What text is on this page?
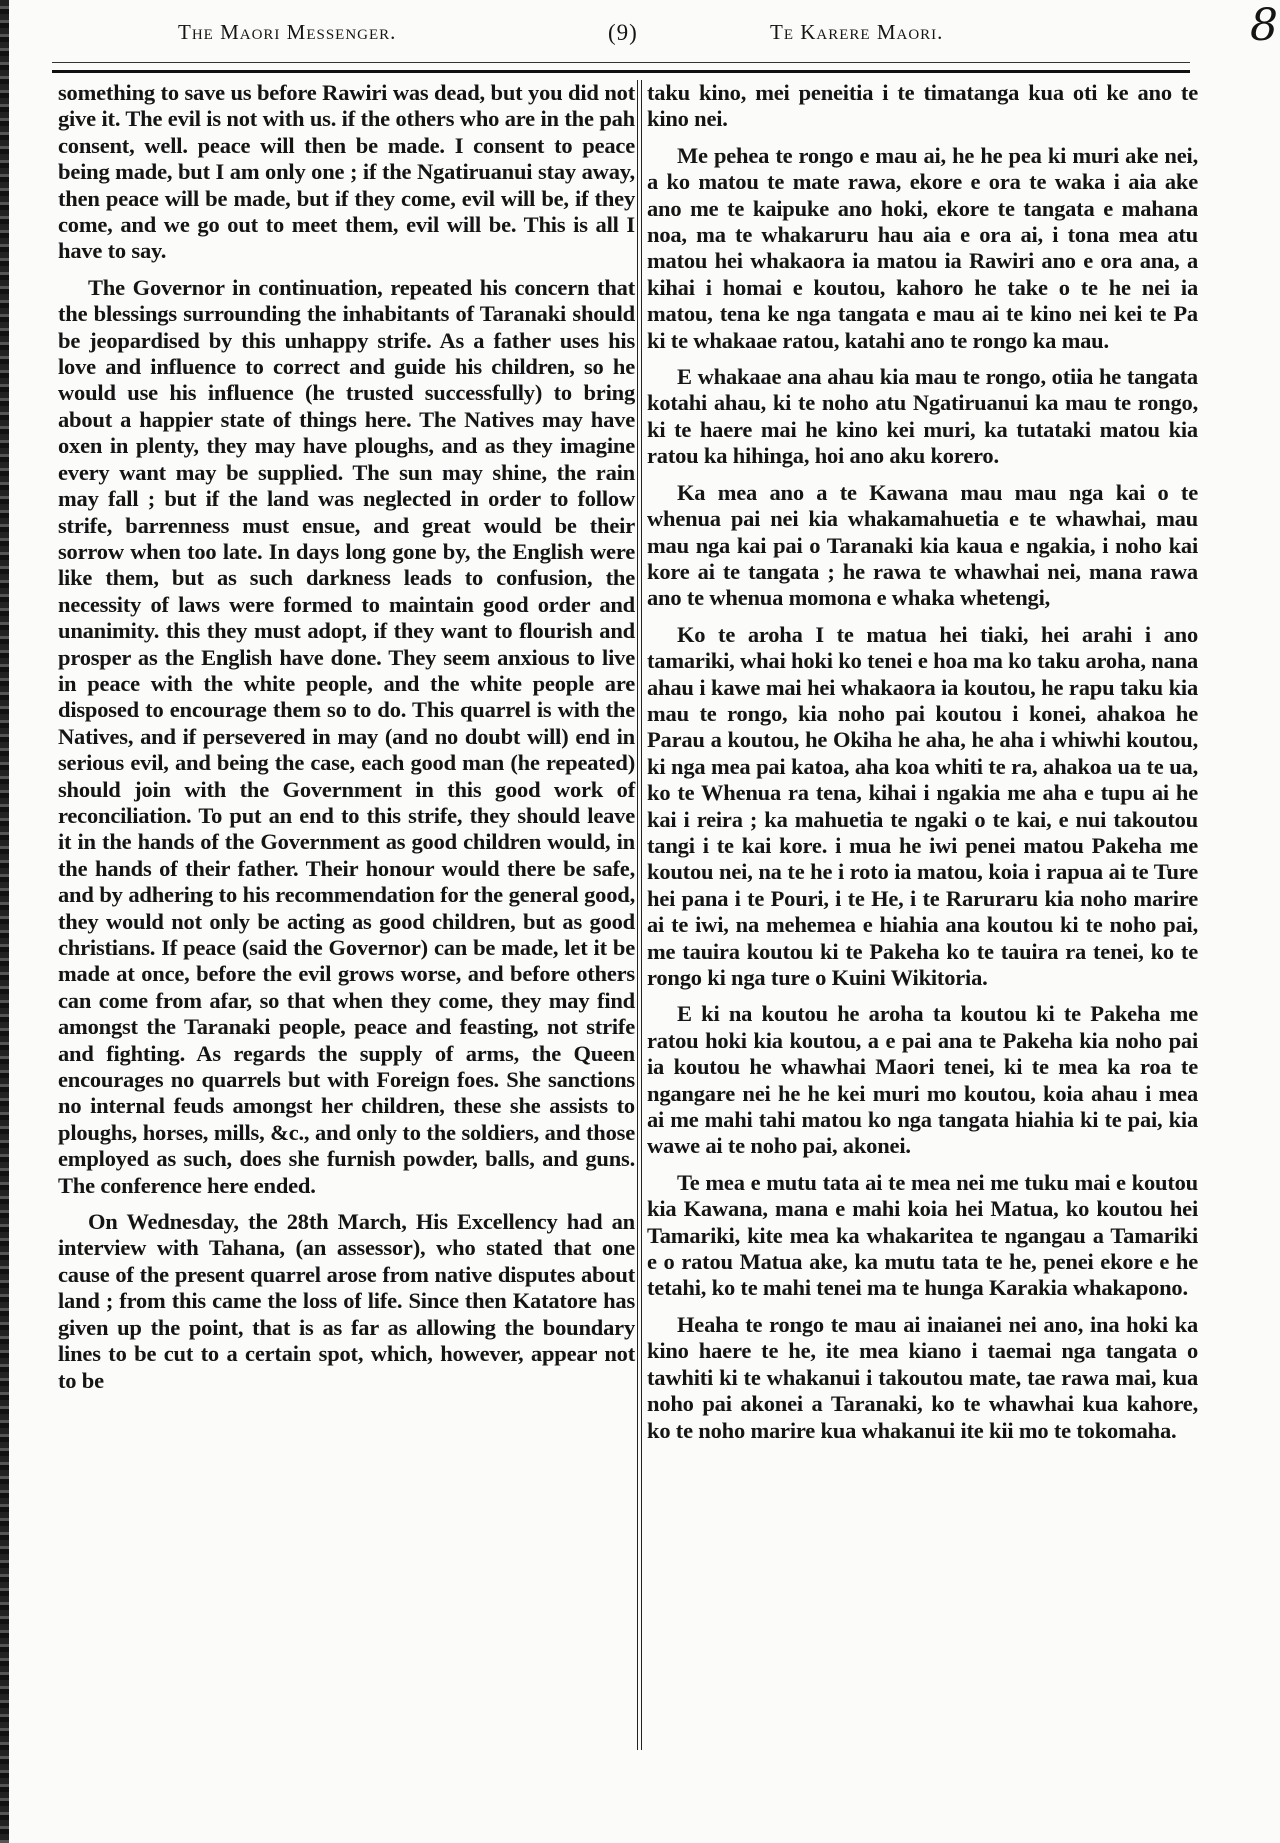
The Maori Messenger.	(9)	Te Karere Maori.	8

something to save us before Rawiri was dead, but you did not give it. The evil is not with us. if the others who are in the pah consent, well. peace will then be made. I consent to peace being made, but I am only one ; if the Ngatiruanui stay away, then peace will be made, but if they come, evil will be, if they come, and we go out to meet them, evil will be. This is all I have to say.

The Governor in continuation, repeated his concern that the blessings surrounding the inhabitants of Taranaki should be jeopardised by this unhappy strife. As a father uses his love and influence to correct and guide his children, so he would use his influence (he trusted successfully) to bring about a happier state of things here. The Natives may have oxen in plenty, they may have ploughs, and as they imagine every want may be supplied. The sun may shine, the rain may fall ; but if the land was neglected in order to follow strife, barrenness must ensue, and great would be their sorrow when too late. In days long gone by, the English were like them, but as such darkness leads to confusion, the necessity of laws were formed to maintain good order and unanimity. this they must adopt, if they want to flourish and prosper as the English have done. They seem anxious to live in peace with the white people, and the white people are disposed to encourage them so to do. This quarrel is with the Natives, and if persevered in may (and no doubt will) end in serious evil, and being the case, each good man (he repeated) should join with the Government in this good work of reconciliation. To put an end to this strife, they should leave it in the hands of the Government as good children would, in the hands of their father. Their honour would there be safe, and by adhering to his recommendation for the general good, they would not only be acting as good children, but as good christians. If peace (said the Governor) can be made, let it be made at once, before the evil grows worse, and before others can come from afar, so that when they come, they may find amongst the Taranaki people, peace and feasting, not strife and fighting. As regards the supply of arms, the Queen encourages no quarrels but with Foreign foes. She sanctions no internal feuds amongst her children, these she assists to ploughs, horses, mills, &c., and only to the soldiers, and those employed as such, does she furnish powder, balls, and guns. The conference here ended.

On Wednesday, the 28th March, His Excellency had an interview with Tahana, (an assessor), who stated that one cause of the present quarrel arose from native disputes about land ; from this came the loss of life. Since then Katatore has given up the point, that is as far as allowing the boundary lines to be cut to a certain spot, which, however, appear not to be

taku kino, mei peneitia i te timatanga kua oti ke ano te kino nei.

Me pehea te rongo e mau ai, he he pea ki muri ake nei, a ko matou te mate rawa, ekore e ora te waka i aia ake ano me te kaipuke ano hoki, ekore te tangata e mahana noa, ma te whakaruru hau aia e ora ai, i tona mea atu matou hei whakaora ia matou ia Rawiri ano e ora ana, a kihai i homai e koutou, kahoro he take o te he nei ia matou, tena ke nga tangata e mau ai te kino nei kei te Pa ki te whakaae ratou, katahi ano te rongo ka mau.

E whakaae ana ahau kia mau te rongo, otiia he tangata kotahi ahau, ki te noho atu Ngatiruanui ka mau te rongo, ki te haere mai he kino kei muri, ka tutataki matou kia ratou ka hihinga, hoi ano aku korero.

Ka mea ano a te Kawana mau mau nga kai o te whenua pai nei kia whakamahuetia e te whawhai, mau mau nga kai pai o Taranaki kia kaua e ngakia, i noho kai kore ai te tangata ; he rawa te whawhai nei, mana rawa ano te whenua momona e whaka whetengi,

Ko te aroha I te matua hei tiaki, hei arahi i ano tamariki, whai hoki ko tenei e hoa ma ko taku aroha, nana ahau i kawe mai hei whakaora ia koutou, he rapu taku kia mau te rongo, kia noho pai koutou i konei, ahakoa he Parau a koutou, he Okiha he aha, he aha i whiwhi koutou, ki nga mea pai katoa, aha koa whiti te ra, ahakoa ua te ua, ko te Whenua ra tena, kihai i ngakia me aha e tupu ai he kai i reira ; ka mahuetia te ngaki o te kai, e nui takoutou tangi i te kai kore. i mua he iwi penei matou Pakeha me koutou nei, na te he i roto ia matou, koia i rapua ai te Ture hei pana i te Pouri, i te He, i te Raruraru kia noho marire ai te iwi, na mehemea e hiahia ana koutou ki te noho pai, me tauira koutou ki te Pakeha ko te tauira ra tenei, ko te rongo ki nga ture o Kuini Wikitoria.

E ki na koutou he aroha ta koutou ki te Pakeha me ratou hoki kia koutou, a e pai ana te Pakeha kia noho pai ia koutou he whawhai Maori tenei, ki te mea ka roa te ngangare nei he he kei muri mo koutou, koia ahau i mea ai me mahi tahi matou ko nga tangata hiahia ki te pai, kia wawe ai te noho pai, akonei.

Te mea e mutu tata ai te mea nei me tuku mai e koutou kia Kawana, mana e mahi koia hei Matua, ko koutou hei Tamariki, kite mea ka whakaritea te ngangau a Tamariki e o ratou Matua ake, ka mutu tata te he, penei ekore e he tetahi, ko te mahi tenei ma te hunga Karakia whakapono.

Heaha te rongo te mau ai inaianei nei ano, ina hoki ka kino haere te he, ite mea kiano i taemai nga tangata o tawhiti ki te whakanui i takoutou mate, tae rawa mai, kua noho pai akonei a Taranaki, ko te whawhai kua kahore, ko te noho marire kua whakanui ite kii mo te tokomaha.
